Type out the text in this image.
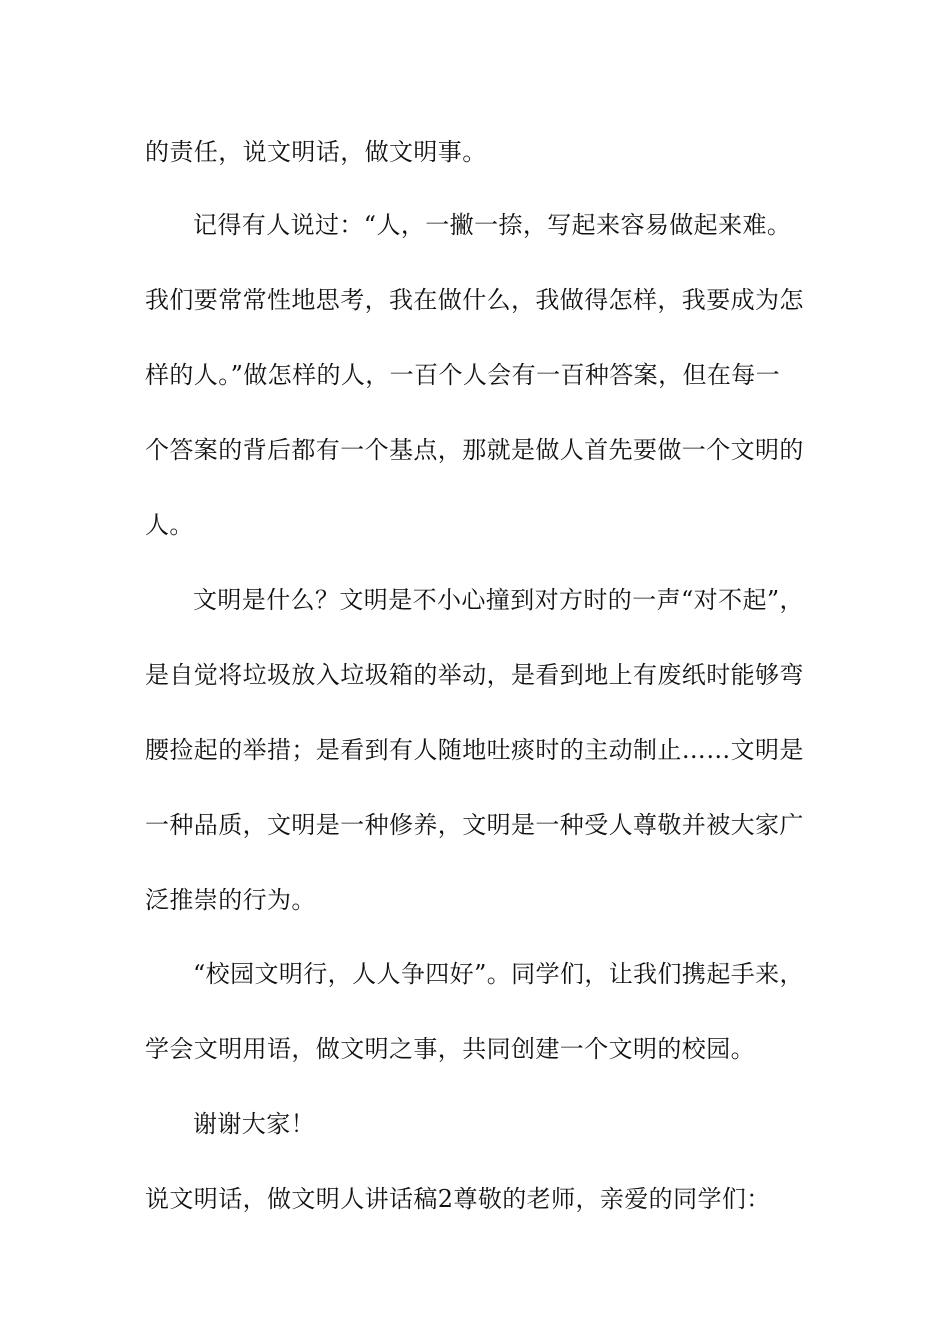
的责任，说文明话，做文明事。
记得有人说过：“人，一撇一捺，写起来容易做起来难。
我们要常常性地思考，我在做什么，我做得怎样，我要成为怎
样的人。”做怎样的人，一百个人会有一百种答案，但在每一
个答案的背后都有一个基点，那就是做人首先要做一个文明的
人。
文明是什么？文明是不小心撞到对方时的一声“对不起”，
是自觉将垃圾放入垃圾箱的举动，是看到地上有废纸时能够弯
腰捡起的举措；是看到有人随地吐痰时的主动制止……文明是
一种品质，文明是一种修养，文明是一种受人尊敬并被大家广
泛推崇的行为。
“校园文明行，人人争四好”。同学们，让我们携起手来，
学会文明用语，做文明之事，共同创建一个文明的校园。
谢谢大家！
说文明话，做文明人讲话稿2尊敬的老师，亲爱的同学们：
